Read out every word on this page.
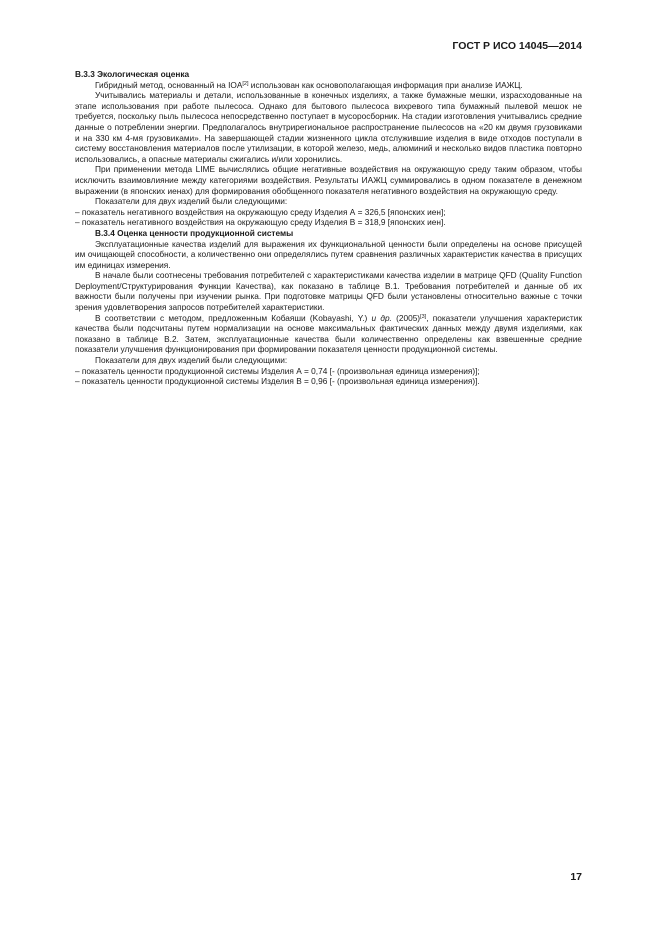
ГОСТ Р ИСО 14045—2014

B.3.3 Экологическая оценка

Гибридный метод, основанный на IOA[2] использован как основополагающая информация при анализе ИАЖЦ.

Учитывались материалы и детали, использованные в конечных изделиях, а также бумажные мешки, израсходованные на этапе использования при работе пылесоса. Однако для бытового пылесоса вихревого типа бумажный пылевой мешок не требуется, поскольку пыль пылесоса непосредственно поступает в мусоросборник. На стадии изготовления учитывались средние данные о потреблении энергии. Предполагалось внутрирегиональное распространение пылесосов на «20 км двумя грузовиками и на 330 км 4-мя грузовиками». На завершающей стадии жизненного цикла отслужившие изделия в виде отходов поступали в систему восстановления материалов после утилизации, в которой железо, медь, алюминий и несколько видов пластика повторно использовались, а опасные материалы сжигались и/или хоронились.

При применении метода LIME вычислялись общие негативные воздействия на окружающую среду таким образом, чтобы исключить взаимовлияние между категориями воздействия. Результаты ИАЖЦ суммировались в одном показателе в денежном выражении (в японских иенах) для формирования обобщенного показателя негативного воздействия на окружающую среду.

Показатели для двух изделий были следующими:

– показатель негативного воздействия на окружающую среду Изделия А = 326,5 [японских иен];

– показатель негативного воздействия на окружающую среду Изделия В = 318,9 [японских иен].

B.3.4 Оценка ценности продукционной системы

Эксплуатационные качества изделий для выражения их функциональной ценности были определены на основе присущей им очищающей способности, а количественно они определялись путем сравнения различных характеристик качества в присущих им единицах измерения.

В начале были соотнесены требования потребителей с характеристиками качества изделии в матрице QFD (Quality Function Deployment/Структурирования Функции Качества), как показано в таблице В.1. Требования потребителей и данные об их важности были получены при изучении рынка. При подготовке матрицы QFD были установлены относительно важные с точки зрения удовлетворения запросов потребителей характеристики.

В соответствии с методом, предложенным Кобаяши (Kobayashi, Y.) и др. (2005)[3], показатели улучшения характеристик качества были подсчитаны путем нормализации на основе максимальных фактических данных между двумя изделиями, как показано в таблице В.2. Затем, эксплуатационные качества были количественно определены как взвешенные средние показатели улучшения функционирования при формировании показателя ценности продукционной системы.

Показатели для двух изделий были следующими:

– показатель ценности продукционной системы Изделия А = 0,74 [- (произвольная единица измерения)];

– показатель ценности продукционной системы Изделия В = 0,96 [- (произвольная единица измерения)].

17
